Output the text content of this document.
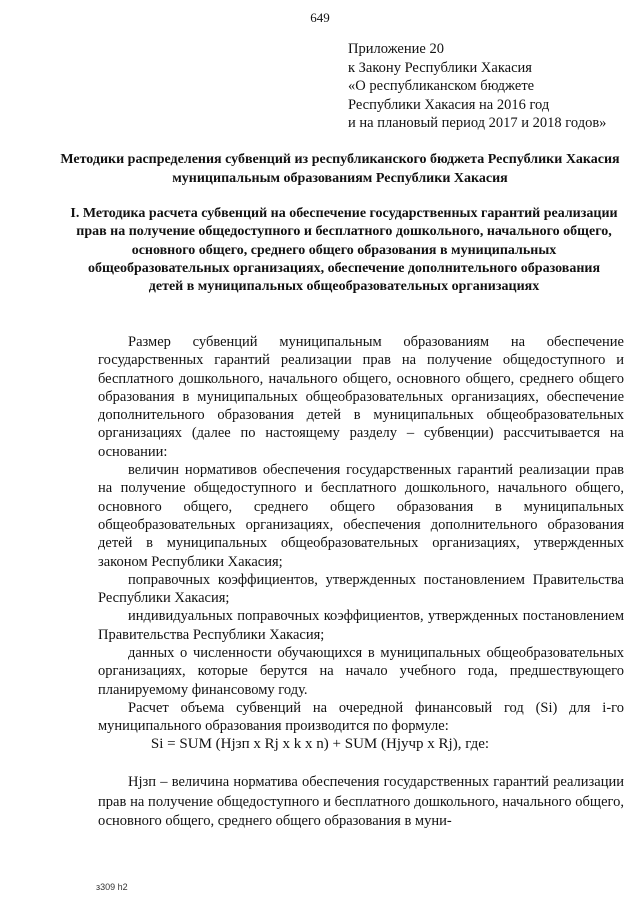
649
Приложение 20
к Закону Республики Хакасия
«О республиканском бюджете
Республики Хакасия на 2016 год
и на плановый период 2017 и 2018 годов»
Методики распределения субвенций из республиканского бюджета Республики Хакасия муниципальным образованиям Республики Хакасия
I. Методика расчета субвенций на обеспечение государственных гарантий реализации прав на получение общедоступного и бесплатного дошкольного, начального общего, основного общего, среднего общего образования в муниципальных общеобразовательных организациях, обеспечение дополнительного образования детей в муниципальных общеобразовательных организациях

Размер субвенций муниципальным образованиям на обеспечение государственных гарантий реализации прав на получение общедоступного и бесплатного дошкольного, начального общего, основного общего, среднего общего образования в муниципальных общеобразовательных организациях, обеспечение дополнительного образования детей в муниципальных общеобразовательных организациях (далее по настоящему разделу – субвенции) рассчитывается на основании:

величин нормативов обеспечения государственных гарантий реализации прав на получение общедоступного и бесплатного дошкольного, начального общего, основного общего, среднего общего образования в муниципальных общеобразовательных организациях, обеспечения дополнительного образования детей в муниципальных общеобразовательных организациях, утвержденных законом Республики Хакасия;

поправочных коэффициентов, утвержденных постановлением Правительства Республики Хакасия;

индивидуальных поправочных коэффициентов, утвержденных постановлением Правительства Республики Хакасия;

данных о численности обучающихся в муниципальных общеобразовательных организациях, которые берутся на начало учебного года, предшествующего планируемому финансовому году.

Расчет объема субвенций на очередной финансовый год (Si) для i-го муниципального образования производится по формуле:

Si = SUM (Hjзп x Rj x k x n) + SUM (Hjучр x Rj), где:

Hjзп – величина норматива обеспечения государственных гарантий реализации прав на получение общедоступного и бесплатного дошкольного, начального общего, основного общего, среднего общего образования в муни-

з309 h2
